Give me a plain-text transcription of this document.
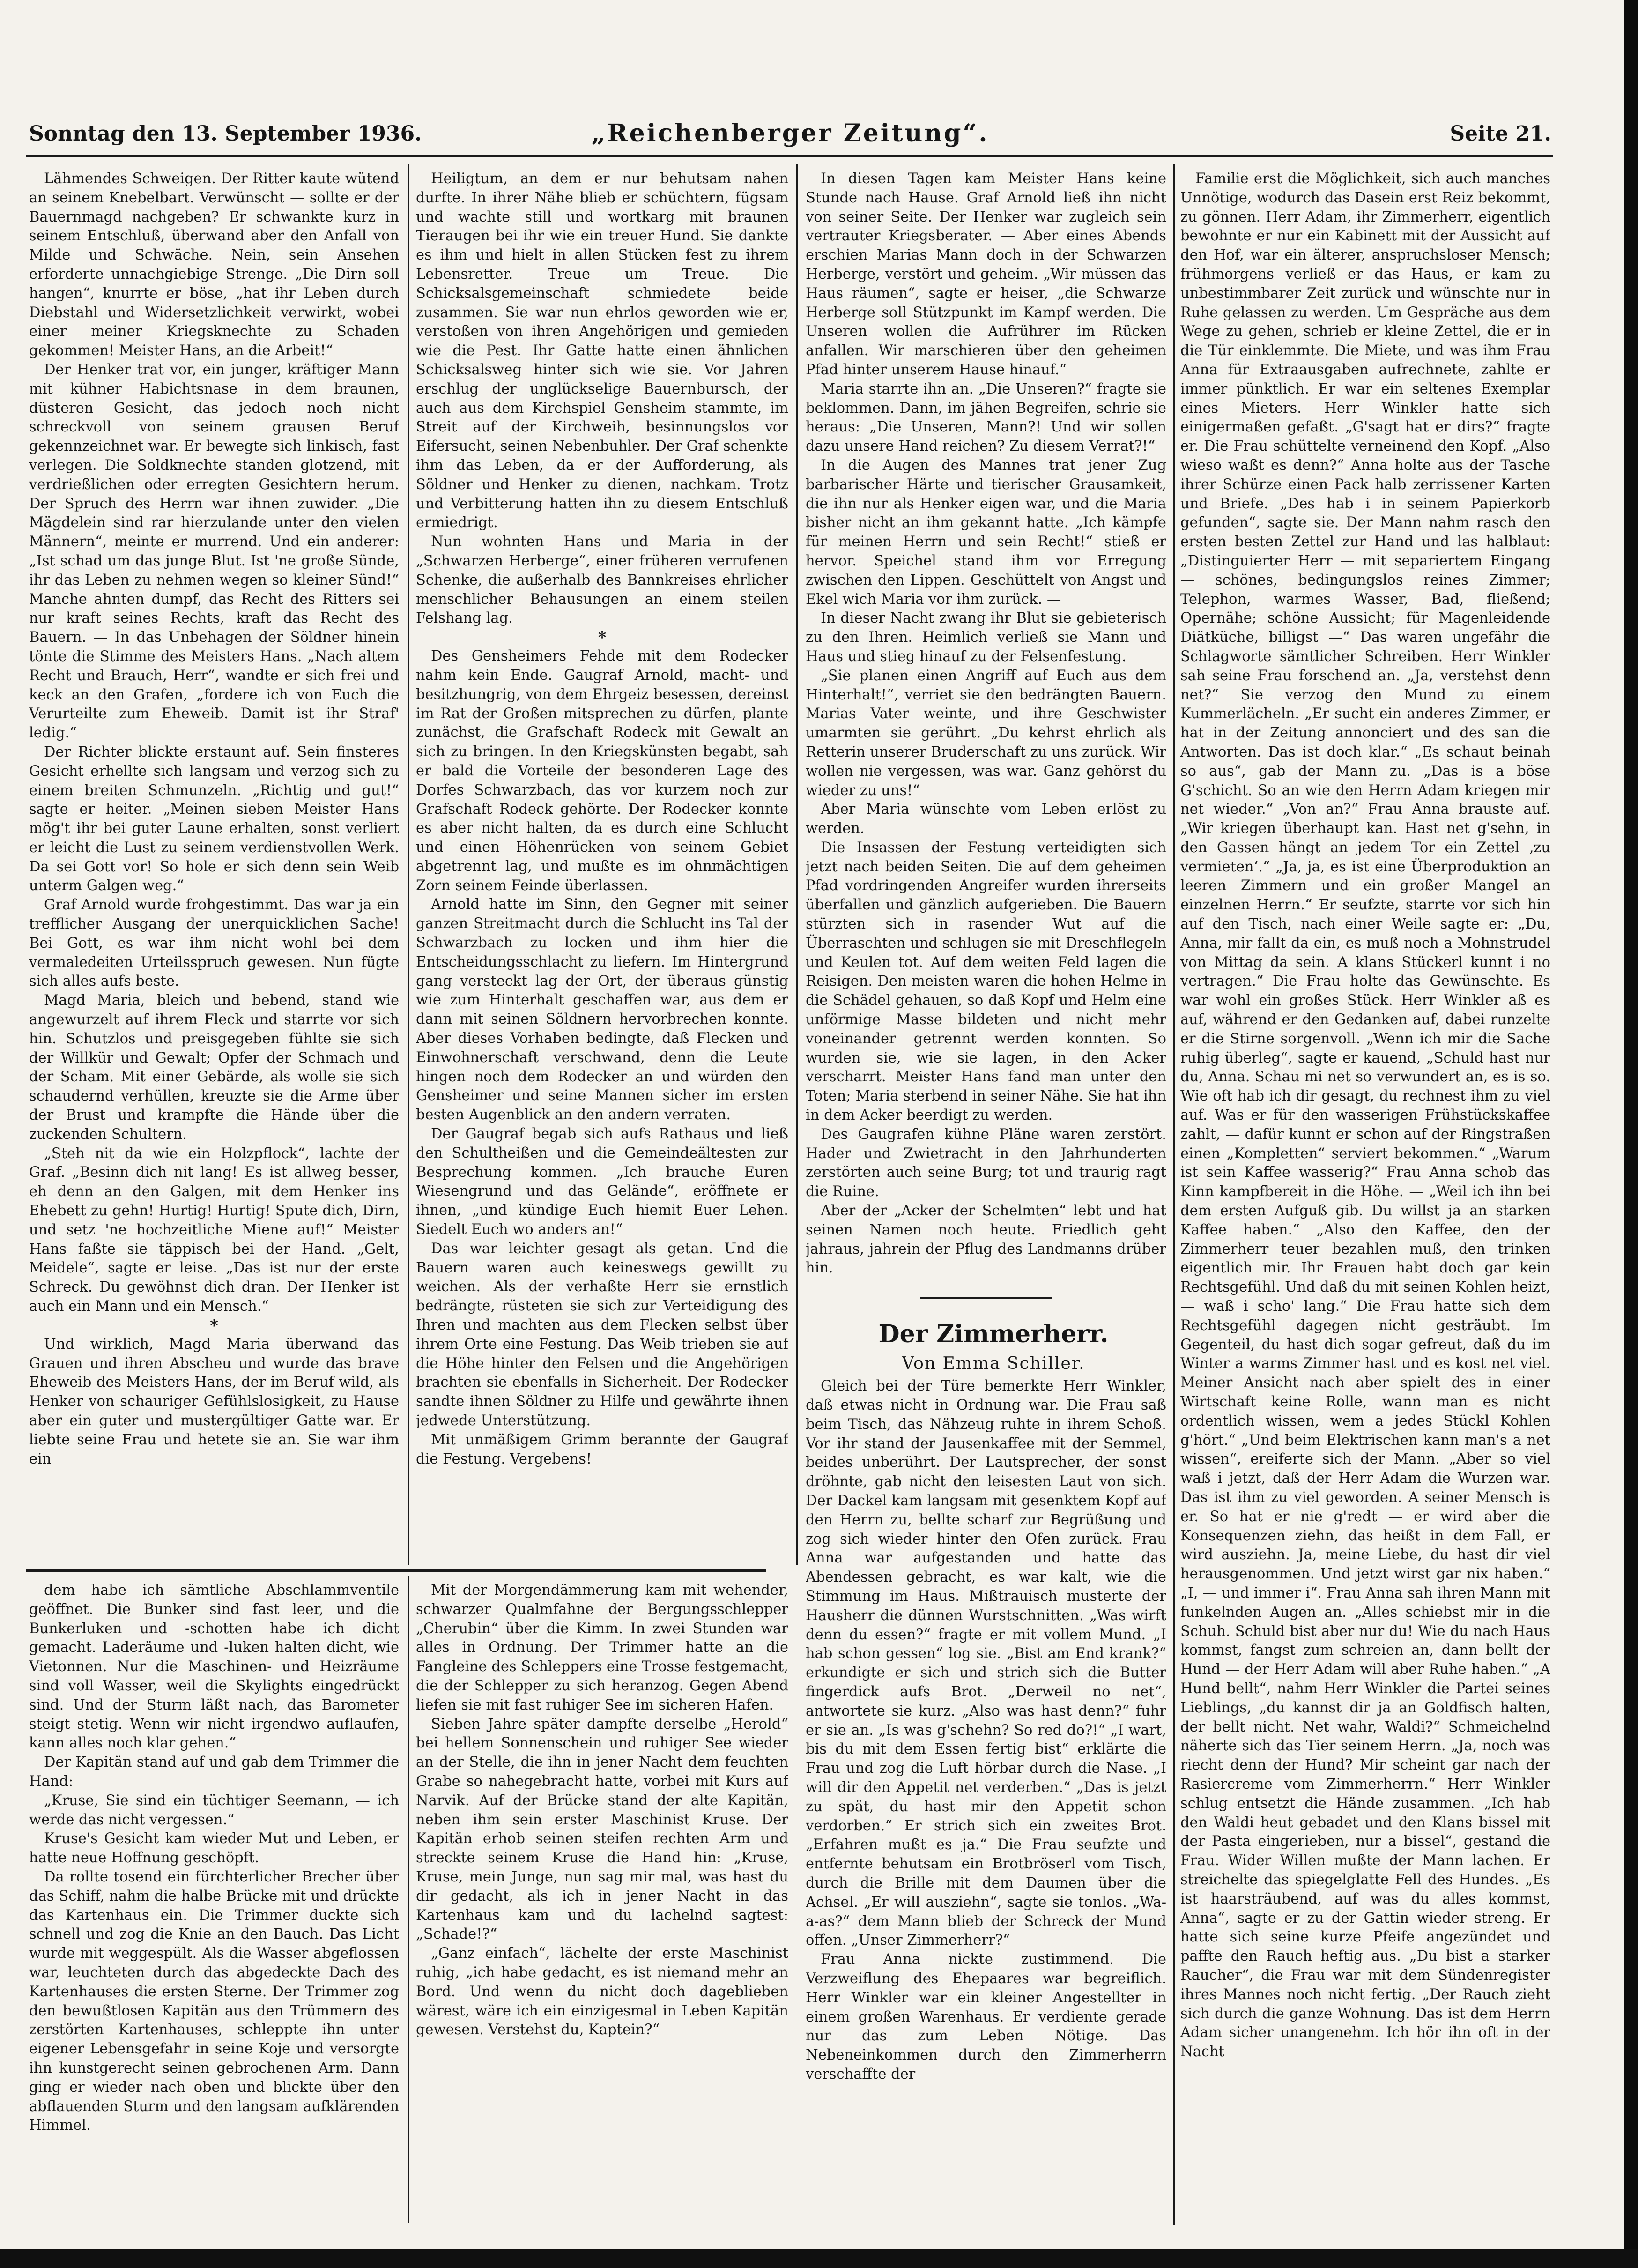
Sonntag den 13. September 1936.	„Reichenberger Zeitung“.	Seite 21.

Lähmendes Schweigen. Der Ritter kaute wütend an seinem Knebelbart. Verwünscht — sollte er der Bauernmagd nachgeben? Er schwankte kurz in seinem Entschluß, überwand aber den Anfall von Milde und Schwäche. Nein, sein Ansehen erforderte unnachgiebige Strenge. „Die Dirn soll hangen“, knurrte er böse, „hat ihr Leben durch Diebstahl und Widersetzlichkeit verwirkt, wobei einer meiner Kriegsknechte zu Schaden gekommen! Meister Hans, an die Arbeit!“

Der Henker trat vor, ein junger, kräftiger Mann mit kühner Habichtsnase in dem braunen, düsteren Gesicht, das jedoch noch nicht schreckvoll von seinem grausen Beruf gekennzeichnet war. Er bewegte sich linkisch, fast verlegen. Die Soldknechte standen glotzend, mit verdrießlichen oder erregten Gesichtern herum. Der Spruch des Herrn war ihnen zuwider. „Die Mägdelein sind rar hierzulande unter den vielen Männern“, meinte er murrend. Und ein anderer: „Ist schad um das junge Blut. Ist 'ne große Sünde, ihr das Leben zu nehmen wegen so kleiner Sünd!“ Manche ahnten dumpf, das Recht des Ritters sei nur kraft seines Rechts, kraft das Recht des Bauern. — In das Unbehagen der Söldner hinein tönte die Stimme des Meisters Hans. „Nach altem Recht und Brauch, Herr“, wandte er sich frei und keck an den Grafen, „fordere ich von Euch die Verurteilte zum Eheweib. Damit ist ihr Straf' ledig.“

Der Richter blickte erstaunt auf. Sein finsteres Gesicht erhellte sich langsam und verzog sich zu einem breiten Schmunzeln. „Richtig und gut!“ sagte er heiter. „Meinen sieben Meister Hans mög't ihr bei guter Laune erhalten, sonst verliert er leicht die Lust zu seinem verdienstvollen Werk. Da sei Gott vor! So hole er sich denn sein Weib unterm Galgen weg.“

Graf Arnold wurde frohgestimmt. Das war ja ein trefflicher Ausgang der unerquicklichen Sache! Bei Gott, es war ihm nicht wohl bei dem vermaledeiten Urteilsspruch gewesen. Nun fügte sich alles aufs beste.

Magd Maria, bleich und bebend, stand wie angewurzelt auf ihrem Fleck und starrte vor sich hin. Schutzlos und preisgegeben fühlte sie sich der Willkür und Gewalt; Opfer der Schmach und der Scham. Mit einer Gebärde, als wolle sie sich schaudernd verhüllen, kreuzte sie die Arme über der Brust und krampfte die Hände über die zuckenden Schultern.

„Steh nit da wie ein Holzpflock“, lachte der Graf. „Besinn dich nit lang! Es ist allweg besser, eh denn an den Galgen, mit dem Henker ins Ehebett zu gehn! Hurtig! Hurtig! Spute dich, Dirn, und setz 'ne hochzeitliche Miene auf!“ Meister Hans faßte sie täppisch bei der Hand. „Gelt, Meidele“, sagte er leise. „Das ist nur der erste Schreck. Du gewöhnst dich dran. Der Henker ist auch ein Mann und ein Mensch.“

*

Und wirklich, Magd Maria überwand das Grauen und ihren Abscheu und wurde das brave Eheweib des Meisters Hans, der im Beruf wild, als Henker von schauriger Gefühlslosigkeit, zu Hause aber ein guter und mustergültiger Gatte war. Er liebte seine Frau und hetete sie an. Sie war ihm ein

Heiligtum, an dem er nur behutsam nahen durfte. In ihrer Nähe blieb er schüchtern, fügsam und wachte still und wortkarg mit braunen Tieraugen bei ihr wie ein treuer Hund. Sie dankte es ihm und hielt in allen Stücken fest zu ihrem Lebensretter. Treue um Treue. Die Schicksalsgemeinschaft schmiedete beide zusammen. Sie war nun ehrlos geworden wie er, verstoßen von ihren Angehörigen und gemieden wie die Pest. Ihr Gatte hatte einen ähnlichen Schicksalsweg hinter sich wie sie. Vor Jahren erschlug der unglückselige Bauernbursch, der auch aus dem Kirchspiel Gensheim stammte, im Streit auf der Kirchweih, besinnungslos vor Eifersucht, seinen Nebenbuhler. Der Graf schenkte ihm das Leben, da er der Aufforderung, als Söldner und Henker zu dienen, nachkam. Trotz und Verbitterung hatten ihn zu diesem Entschluß ermiedrigt.

Nun wohnten Hans und Maria in der „Schwarzen Herberge“, einer früheren verrufenen Schenke, die außerhalb des Bannkreises ehrlicher menschlicher Behausungen an einem steilen Felshang lag.

*

Des Gensheimers Fehde mit dem Rodecker nahm kein Ende. Gaugraf Arnold, macht- und besitzhungrig, von dem Ehrgeiz besessen, dereinst im Rat der Großen mitsprechen zu dürfen, plante zunächst, die Grafschaft Rodeck mit Gewalt an sich zu bringen. In den Kriegskünsten begabt, sah er bald die Vorteile der besonderen Lage des Dorfes Schwarzbach, das vor kurzem noch zur Grafschaft Rodeck gehörte. Der Rodecker konnte es aber nicht halten, da es durch eine Schlucht und einen Höhenrücken von seinem Gebiet abgetrennt lag, und mußte es im ohnmächtigen Zorn seinem Feinde überlassen.

Arnold hatte im Sinn, den Gegner mit seiner ganzen Streitmacht durch die Schlucht ins Tal der Schwarzbach zu locken und ihm hier die Entscheidungsschlacht zu liefern. Im Hintergrund gang versteckt lag der Ort, der überaus günstig wie zum Hinterhalt geschaffen war, aus dem er dann mit seinen Söldnern hervorbrechen konnte. Aber dieses Vorhaben bedingte, daß Flecken und Einwohnerschaft verschwand, denn die Leute hingen noch dem Rodecker an und würden den Gensheimer und seine Mannen sicher im ersten besten Augenblick an den andern verraten.

Der Gaugraf begab sich aufs Rathaus und ließ den Schultheißen und die Gemeindeältesten zur Besprechung kommen. „Ich brauche Euren Wiesengrund und das Gelände“, eröffnete er ihnen, „und kündige Euch hiemit Euer Lehen. Siedelt Euch wo anders an!“

Das war leichter gesagt als getan. Und die Bauern waren auch keineswegs gewillt zu weichen. Als der verhaßte Herr sie ernstlich bedrängte, rüsteten sie sich zur Verteidigung des Ihren und machten aus dem Flecken selbst über ihrem Orte eine Festung. Das Weib trieben sie auf die Höhe hinter den Felsen und die Angehörigen brachten sie ebenfalls in Sicherheit. Der Rodecker sandte ihnen Söldner zu Hilfe und gewährte ihnen jedwede Unterstützung.

Mit unmäßigem Grimm berannte der Gaugraf die Festung. Vergebens!

In diesen Tagen kam Meister Hans keine Stunde nach Hause. Graf Arnold ließ ihn nicht von seiner Seite. Der Henker war zugleich sein vertrauter Kriegsberater. — Aber eines Abends erschien Marias Mann doch in der Schwarzen Herberge, verstört und geheim. „Wir müssen das Haus räumen“, sagte er heiser, „die Schwarze Herberge soll Stützpunkt im Kampf werden. Die Unseren wollen die Aufrührer im Rücken anfallen. Wir marschieren über den geheimen Pfad hinter unserem Hause hinauf.“

Maria starrte ihn an. „Die Unseren?“ fragte sie beklommen. Dann, im jähen Begreifen, schrie sie heraus: „Die Unseren, Mann?! Und wir sollen dazu unsere Hand reichen? Zu diesem Verrat?!“

In die Augen des Mannes trat jener Zug barbarischer Härte und tierischer Grausamkeit, die ihn nur als Henker eigen war, und die Maria bisher nicht an ihm gekannt hatte. „Ich kämpfe für meinen Herrn und sein Recht!“ stieß er hervor. Speichel stand ihm vor Erregung zwischen den Lippen. Geschüttelt von Angst und Ekel wich Maria vor ihm zurück. —

In dieser Nacht zwang ihr Blut sie gebieterisch zu den Ihren. Heimlich verließ sie Mann und Haus und stieg hinauf zu der Felsenfestung.

„Sie planen einen Angriff auf Euch aus dem Hinterhalt!“, verriet sie den bedrängten Bauern. Marias Vater weinte, und ihre Geschwister umarmten sie gerührt. „Du kehrst ehrlich als Retterin unserer Bruderschaft zu uns zurück. Wir wollen nie vergessen, was war. Ganz gehörst du wieder zu uns!“

Aber Maria wünschte vom Leben erlöst zu werden.

Die Insassen der Festung verteidigten sich jetzt nach beiden Seiten. Die auf dem geheimen Pfad vordringenden Angreifer wurden ihrerseits überfallen und gänzlich aufgerieben. Die Bauern stürzten sich in rasender Wut auf die Überraschten und schlugen sie mit Dreschflegeln und Keulen tot. Auf dem weiten Feld lagen die Reisigen. Den meisten waren die hohen Helme in die Schädel gehauen, so daß Kopf und Helm eine unförmige Masse bildeten und nicht mehr voneinander getrennt werden konnten. So wurden sie, wie sie lagen, in den Acker verscharrt. Meister Hans fand man unter den Toten; Maria sterbend in seiner Nähe. Sie hat ihn in dem Acker beerdigt zu werden.

Des Gaugrafen kühne Pläne waren zerstört. Hader und Zwietracht in den Jahrhunderten zerstörten auch seine Burg; tot und traurig ragt die Ruine.

Aber der „Acker der Schelmten“ lebt und hat seinen Namen noch heute. Friedlich geht jahraus, jahrein der Pflug des Landmanns drüber hin.

Der Zimmerherr.

Von Emma Schiller.

Gleich bei der Türe bemerkte Herr Winkler, daß etwas nicht in Ordnung war. Die Frau saß beim Tisch, das Nähzeug ruhte in ihrem Schoß. Vor ihr stand der Jausenkaffee mit der Semmel, beides unberührt. Der Lautsprecher, der sonst dröhnte, gab nicht den leisesten Laut von sich. Der Dackel kam langsam mit gesenktem Kopf auf den Herrn zu, bellte scharf zur Begrüßung und zog sich wieder hinter den Ofen zurück. Frau Anna war aufgestanden und hatte das Abendessen gebracht, es war kalt, wie die Stimmung im Haus. Mißtrauisch musterte der Hausherr die dünnen Wurstschnitten. „Was wirft denn du essen?“ fragte er mit vollem Mund. „I hab schon gessen“ log sie. „Bist am End krank?“ erkundigte er sich und strich sich die Butter fingerdick aufs Brot. „Derweil no net“, antwortete sie kurz. „Also was hast denn?“ fuhr er sie an. „Is was g'schehn? So red do?!“ „I wart, bis du mit dem Essen fertig bist“ erklärte die Frau und zog die Luft hörbar durch die Nase. „I will dir den Appetit net verderben.“ „Das is jetzt zu spät, du hast mir den Appetit schon verdorben.“ Er strich sich ein zweites Brot. „Erfahren mußt es ja.“ Die Frau seufzte und entfernte behutsam ein Brotbröserl vom Tisch, durch die Brille mit dem Daumen über die Achsel. „Er will ausziehn“, sagte sie tonlos. „Wa-a-as?“ dem Mann blieb der Schreck der Mund offen. „Unser Zimmerherr?“

Frau Anna nickte zustimmend. Die Verzweiflung des Ehepaares war begreiflich. Herr Winkler war ein kleiner Angestellter in einem großen Warenhaus. Er verdiente gerade nur das zum Leben Nötige. Das Nebeneinkommen durch den Zimmerherrn verschaffte der

Familie erst die Möglichkeit, sich auch manches Unnötige, wodurch das Dasein erst Reiz bekommt, zu gönnen. Herr Adam, ihr Zimmerherr, eigentlich bewohnte er nur ein Kabinett mit der Aussicht auf den Hof, war ein älterer, anspruchsloser Mensch; frühmorgens verließ er das Haus, er kam zu unbestimmbarer Zeit zurück und wünschte nur in Ruhe gelassen zu werden. Um Gespräche aus dem Wege zu gehen, schrieb er kleine Zettel, die er in die Tür einklemmte. Die Miete, und was ihm Frau Anna für Extraausgaben aufrechnete, zahlte er immer pünktlich. Er war ein seltenes Exemplar eines Mieters. Herr Winkler hatte sich einigermaßen gefaßt. „G'sagt hat er dirs?“ fragte er. Die Frau schüttelte verneinend den Kopf. „Also wieso waßt es denn?“ Anna holte aus der Tasche ihrer Schürze einen Pack halb zerrissener Karten und Briefe. „Des hab i in seinem Papierkorb gefunden“, sagte sie. Der Mann nahm rasch den ersten besten Zettel zur Hand und las halblaut: „Distinguierter Herr — mit separiertem Eingang — schönes, bedingungslos reines Zimmer; Telephon, warmes Wasser, Bad, fließend; Opernähe; schöne Aussicht; für Magenleidende Diätküche, billigst —“ Das waren ungefähr die Schlagworte sämtlicher Schreiben. Herr Winkler sah seine Frau forschend an. „Ja, verstehst denn net?“ Sie verzog den Mund zu einem Kummerlächeln. „Er sucht ein anderes Zimmer, er hat in der Zeitung annonciert und des san die Antworten. Das ist doch klar.“ „Es schaut beinah so aus“, gab der Mann zu. „Das is a böse G'schicht. So an wie den Herrn Adam kriegen mir net wieder.“ „Von an?“ Frau Anna brauste auf. „Wir kriegen überhaupt kan. Hast net g'sehn, in den Gassen hängt an jedem Tor ein Zettel ‚zu vermieten‘.“ „Ja, ja, es ist eine Überproduktion an leeren Zimmern und ein großer Mangel an einzelnen Herrn.“ Er seufzte, starrte vor sich hin auf den Tisch, nach einer Weile sagte er: „Du, Anna, mir fallt da ein, es muß noch a Mohnstrudel von Mittag da sein. A klans Stückerl kunnt i no vertragen.“ Die Frau holte das Gewünschte. Es war wohl ein großes Stück. Herr Winkler aß es auf, während er den Gedanken auf, dabei runzelte er die Stirne sorgenvoll. „Wenn ich mir die Sache ruhig überleg“, sagte er kauend, „Schuld hast nur du, Anna. Schau mi net so verwundert an, es is so. Wie oft hab ich dir gesagt, du rechnest ihm zu viel auf. Was er für den wasserigen Frühstückskaffee zahlt, — dafür kunnt er schon auf der Ringstraßen einen „Kompletten“ serviert bekommen.“ „Warum ist sein Kaffee wasserig?“ Frau Anna schob das Kinn kampfbereit in die Höhe. — „Weil ich ihn bei dem ersten Aufguß gib. Du willst ja an starken Kaffee haben.“ „Also den Kaffee, den der Zimmerherr teuer bezahlen muß, den trinken eigentlich mir. Ihr Frauen habt doch gar kein Rechtsgefühl. Und daß du mit seinen Kohlen heizt, — waß i scho' lang.“ Die Frau hatte sich dem Rechtsgefühl dagegen nicht gesträubt. Im Gegenteil, du hast dich sogar gefreut, daß du im Winter a warms Zimmer hast und es kost net viel. Meiner Ansicht nach aber spielt des in einer Wirtschaft keine Rolle, wann man es nicht ordentlich wissen, wem a jedes Stückl Kohlen g'hört.“ „Und beim Elektrischen kann man's a net wissen“, ereiferte sich der Mann. „Aber so viel waß i jetzt, daß der Herr Adam die Wurzen war. Das ist ihm zu viel geworden. A seiner Mensch is er. So hat er nie g'redt — er wird aber die Konsequenzen ziehn, das heißt in dem Fall, er wird ausziehn. Ja, meine Liebe, du hast dir viel herausgenommen. Und jetzt wirst gar nix haben.“ „I, — und immer i“. Frau Anna sah ihren Mann mit funkelnden Augen an. „Alles schiebst mir in die Schuh. Schuld bist aber nur du! Wie du nach Haus kommst, fangst zum schreien an, dann bellt der Hund — der Herr Adam will aber Ruhe haben.“ „A Hund bellt“, nahm Herr Winkler die Partei seines Lieblings, „du kannst dir ja an Goldfisch halten, der bellt nicht. Net wahr, Waldi?“ Schmeichelnd näherte sich das Tier seinem Herrn. „Ja, noch was riecht denn der Hund? Mir scheint gar nach der Rasiercreme vom Zimmerherrn.“ Herr Winkler schlug entsetzt die Hände zusammen. „Ich hab den Waldi heut gebadet und den Klans bissel mit der Pasta eingerieben, nur a bissel“, gestand die Frau. Wider Willen mußte der Mann lachen. Er streichelte das spiegelglatte Fell des Hundes. „Es ist haarsträubend, auf was du alles kommst, Anna“, sagte er zu der Gattin wieder streng. Er hatte sich seine kurze Pfeife angezündet und paffte den Rauch heftig aus. „Du bist a starker Raucher“, die Frau war mit dem Sündenregister ihres Mannes noch nicht fertig. „Der Rauch zieht sich durch die ganze Wohnung. Das ist dem Herrn Adam sicher unangenehm. Ich hör ihn oft in der Nacht

dem habe ich sämtliche Abschlammventile geöffnet. Die Bunker sind fast leer, und die Bunkerluken und -schotten habe ich dicht gemacht. Laderäume und -luken halten dicht, wie Vietonnen. Nur die Maschinen- und Heizräume sind voll Wasser, weil die Skylights eingedrückt sind. Und der Sturm läßt nach, das Barometer steigt stetig. Wenn wir nicht irgendwo auflaufen, kann alles noch klar gehen.“

Der Kapitän stand auf und gab dem Trimmer die Hand:

„Kruse, Sie sind ein tüchtiger Seemann, — ich werde das nicht vergessen.“

Kruse's Gesicht kam wieder Mut und Leben, er hatte neue Hoffnung geschöpft.

Da rollte tosend ein fürchterlicher Brecher über das Schiff, nahm die halbe Brücke mit und drückte das Kartenhaus ein. Die Trimmer duckte sich schnell und zog die Knie an den Bauch. Das Licht wurde mit weggespült. Als die Wasser abgeflossen war, leuchteten durch das abgedeckte Dach des Kartenhauses die ersten Sterne. Der Trimmer zog den bewußtlosen Kapitän aus den Trümmern des zerstörten Kartenhauses, schleppte ihn unter eigener Lebensgefahr in seine Koje und versorgte ihn kunstgerecht seinen gebrochenen Arm. Dann ging er wieder nach oben und blickte über den abflauenden Sturm und den langsam aufklärenden Himmel.

Mit der Morgendämmerung kam mit wehender, schwarzer Qualmfahne der Bergungsschlepper „Cherubin“ über die Kimm. In zwei Stunden war alles in Ordnung. Der Trimmer hatte an die Fangleine des Schleppers eine Trosse festgemacht, die der Schlepper zu sich heranzog. Gegen Abend liefen sie mit fast ruhiger See im sicheren Hafen.

Sieben Jahre später dampfte derselbe „Herold“ bei hellem Sonnenschein und ruhiger See wieder an der Stelle, die ihn in jener Nacht dem feuchten Grabe so nahegebracht hatte, vorbei mit Kurs auf Narvik. Auf der Brücke stand der alte Kapitän, neben ihm sein erster Maschinist Kruse. Der Kapitän erhob seinen steifen rechten Arm und streckte seinem Kruse die Hand hin: „Kruse, Kruse, mein Junge, nun sag mir mal, was hast du dir gedacht, als ich in jener Nacht in das Kartenhaus kam und du lachelnd sagtest: „Schade!?“

„Ganz einfach“, lächelte der erste Maschinist ruhig, „ich habe gedacht, es ist niemand mehr an Bord. Und wenn du nicht doch dageblieben wärest, wäre ich ein einzigesmal in Leben Kapitän gewesen. Verstehst du, Kaptein?“
